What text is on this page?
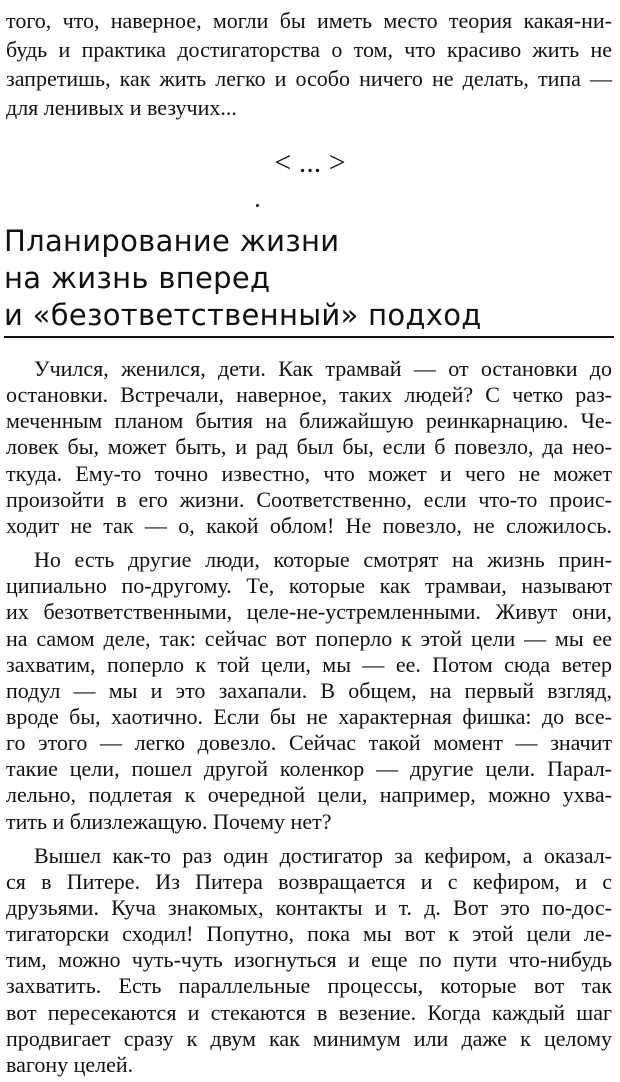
того, что, наверное, могли бы иметь место теория какая-ни-
будь и практика достигаторства о том, что красиво жить не
запретишь, как жить легко и особо ничего не делать, типа —
для ленивых и везучих...
< ... >
Планирование жизни
на жизнь вперед
и «безответственный» подход
Учился, женился, дети. Как трамвай — от остановки до
остановки. Встречали, наверное, таких людей? С четко раз-
меченным планом бытия на ближайшую реинкарнацию. Че-
ловек бы, может быть, и рад был бы, если б повезло, да нео-
ткуда. Ему-то точно известно, что может и чего не может
произойти в его жизни. Соответственно, если что-то проис-
ходит не так — о, какой облом! Не повезло, не сложилось.
Но есть другие люди, которые смотрят на жизнь прин-
ципиально по-другому. Те, которые как трамваи, называют
их безответственными, целе-не-устремленными. Живут они,
на самом деле, так: сейчас вот поперло к этой цели — мы ее
захватим, поперло к той цели, мы — ее. Потом сюда ветер
подул — мы и это захапали. В общем, на первый взгляд,
вроде бы, хаотично. Если бы не характерная фишка: до все-
го этого — легко довезло. Сейчас такой момент — значит
такие цели, пошел другой коленкор — другие цели. Парал-
лельно, подлетая к очередной цели, например, можно ухва-
тить и близлежащую. Почему нет?
Вышел как-то раз один достигатор за кефиром, а оказал-
ся в Питере. Из Питера возвращается и с кефиром, и с
друзьями. Куча знакомых, контакты и т. д. Вот это по-дос-
тигаторски сходил! Попутно, пока мы вот к этой цели ле-
тим, можно чуть-чуть изогнуться и еще по пути что-нибудь
захватить. Есть параллельные процессы, которые вот так
вот пересекаются и стекаются в везение. Когда каждый шаг
продвигает сразу к двум как минимум или даже к целому
вагону целей.
